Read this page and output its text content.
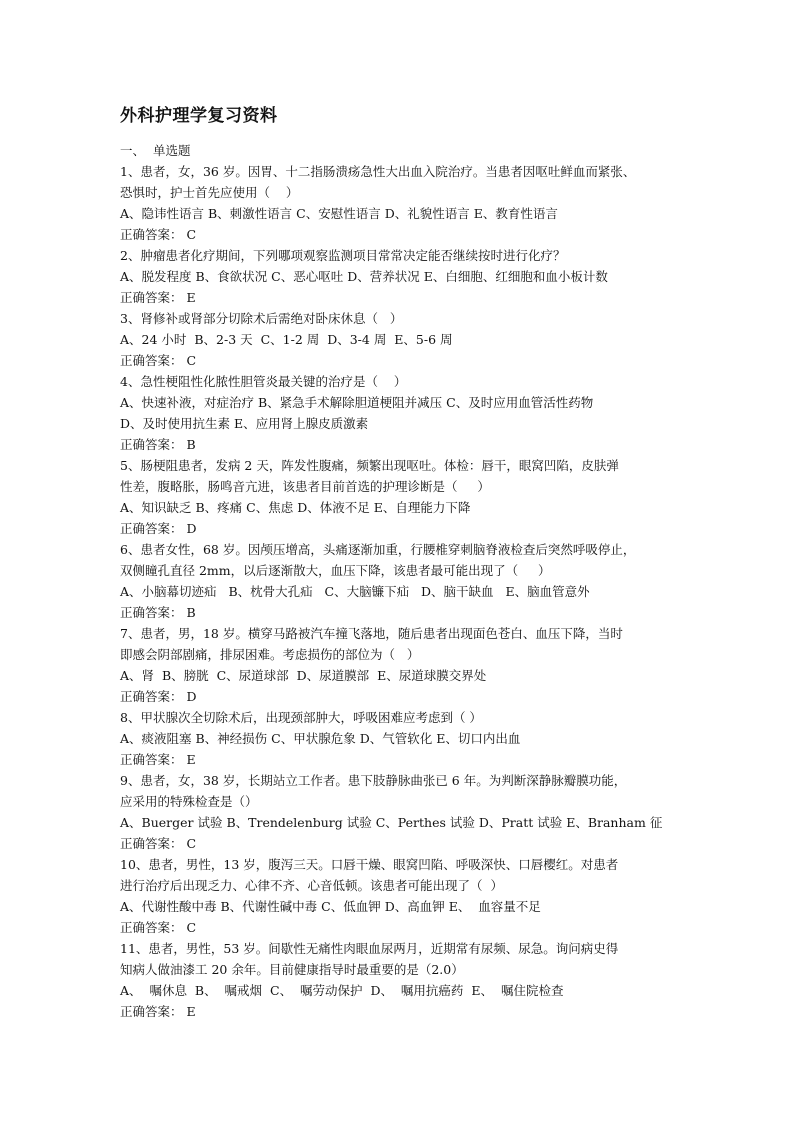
外科护理学复习资料

一、  单选题

1、患者，女，36 岁。因胃、十二指肠溃疡急性大出血入院治疗。当患者因呕吐鲜血而紧张、

恐惧时，护士首先应使用（    ）

A、隐讳性语言 B、刺激性语言 C、安慰性语言 D、礼貌性语言 E、教育性语言

正确答案： C

2、肿瘤患者化疗期间，下列哪项观察监测项目常常决定能否继续按时进行化疗？

A、脱发程度 B、食欲状况 C、恶心呕吐 D、营养状况 E、白细胞、红细胞和血小板计数

正确答案： E

3、肾修补或肾部分切除术后需绝对卧床休息（   ）

A、24 小时  B、2-3 天  C、1-2 周  D、3-4 周  E、5-6 周

正确答案： C

4、急性梗阻性化脓性胆管炎最关键的治疗是（    ）

A、快速补液，对症治疗 B、紧急手术解除胆道梗阻并减压 C、及时应用血管活性药物

D、及时使用抗生素 E、应用肾上腺皮质激素

正确答案： B

5、肠梗阻患者，发病 2 天，阵发性腹痛，频繁出现呕吐。体检：唇干，眼窝凹陷，皮肤弹

性差，腹略胀，肠鸣音亢进，该患者目前首选的护理诊断是（     ）

A、知识缺乏 B、疼痛 C、焦虑 D、体液不足 E、自理能力下降

正确答案： D

6、患者女性，68 岁。因颅压增高，头痛逐渐加重，行腰椎穿刺脑脊液检查后突然呼吸停止，

双侧瞳孔直径 2mm，以后逐渐散大，血压下降，该患者最可能出现了（     ）

A、小脑幕切迹疝   B、枕骨大孔疝   C、大脑镰下疝   D、脑干缺血   E、脑血管意外

正确答案： B

7、患者，男，18 岁。横穿马路被汽车撞飞落地，随后患者出现面色苍白、血压下降，当时

即感会阴部剧痛，排尿困难。考虑损伤的部位为（   ）

A、肾  B、膀胱  C、尿道球部  D、尿道膜部  E、尿道球膜交界处

正确答案： D

8、甲状腺次全切除术后，出现颈部肿大，呼吸困难应考虑到（ ）

A、痰液阻塞 B、神经损伤 C、甲状腺危象 D、气管软化 E、切口内出血

正确答案： E

9、患者，女，38 岁，长期站立工作者。患下肢静脉曲张已 6 年。为判断深静脉瓣膜功能，

应采用的特殊检查是（）

A、Buerger 试验 B、Trendelenburg 试验 C、Perthes 试验 D、Pratt 试验 E、Branham 征

正确答案： C

10、患者，男性，13 岁，腹泻三天。口唇干燥、眼窝凹陷、呼吸深快、口唇樱红。对患者

进行治疗后出现乏力、心律不齐、心音低顿。该患者可能出现了（  ）

A、代谢性酸中毒 B、代谢性碱中毒 C、低血钾 D、高血钾 E、  血容量不足

正确答案： C

11、患者，男性，53 岁。间歇性无痛性肉眼血尿两月，近期常有尿频、尿急。询问病史得

知病人做油漆工 20 余年。目前健康指导时最重要的是（2.0）

A、  嘱休息  B、  嘱戒烟  C、  嘱劳动保护  D、  嘱用抗癌药  E、  嘱住院检查

正确答案： E
